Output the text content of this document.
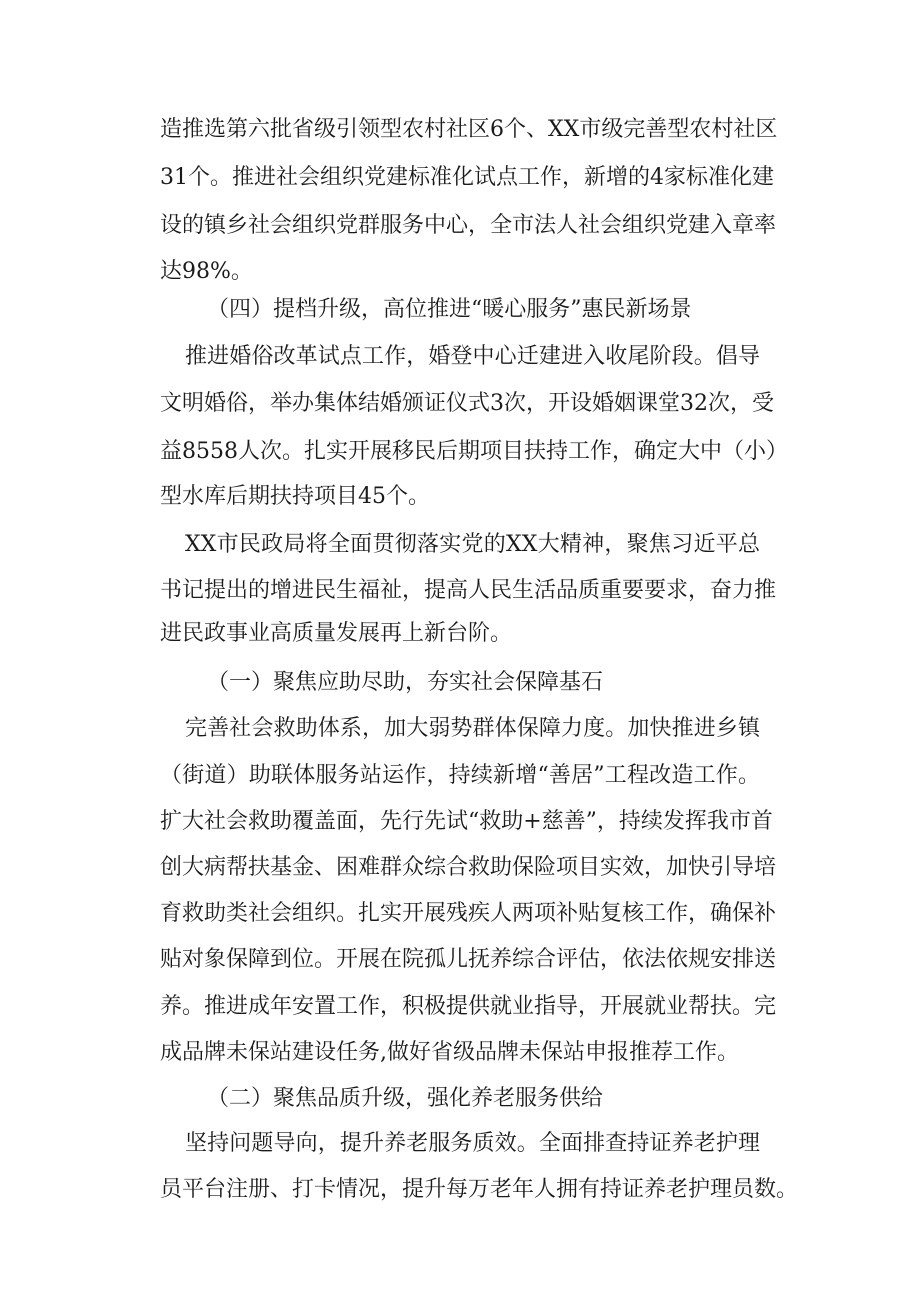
造推选第六批省级引领型农村社区6个、XX市级完善型农村社区
31个。推进社会组织党建标准化试点工作，新增的4家标准化建
设的镇乡社会组织党群服务中心，全市法人社会组织党建入章率
达98%。
（四）提档升级，高位推进“暖心服务”惠民新场景
推进婚俗改革试点工作，婚登中心迁建进入收尾阶段。倡导
文明婚俗，举办集体结婚颁证仪式3次，开设婚姻课堂32次，受
益8558人次。扎实开展移民后期项目扶持工作，确定大中（小）
型水库后期扶持项目45个。
XX市民政局将全面贯彻落实党的XX大精神，聚焦习近平总
书记提出的增进民生福祉，提高人民生活品质重要要求，奋力推
进民政事业高质量发展再上新台阶。
（一）聚焦应助尽助，夯实社会保障基石
完善社会救助体系，加大弱势群体保障力度。加快推进乡镇
（街道）助联体服务站运作，持续新增“善居”工程改造工作。
扩大社会救助覆盖面，先行先试“救助+慈善”，持续发挥我市首
创大病帮扶基金、困难群众综合救助保险项目实效，加快引导培
育救助类社会组织。扎实开展残疾人两项补贴复核工作，确保补
贴对象保障到位。开展在院孤儿抚养综合评估，依法依规安排送
养。推进成年安置工作，积极提供就业指导，开展就业帮扶。完
成品牌未保站建设任务,做好省级品牌未保站申报推荐工作。
（二）聚焦品质升级，强化养老服务供给
坚持问题导向，提升养老服务质效。全面排查持证养老护理
员平台注册、打卡情况，提升每万老年人拥有持证养老护理员数。
